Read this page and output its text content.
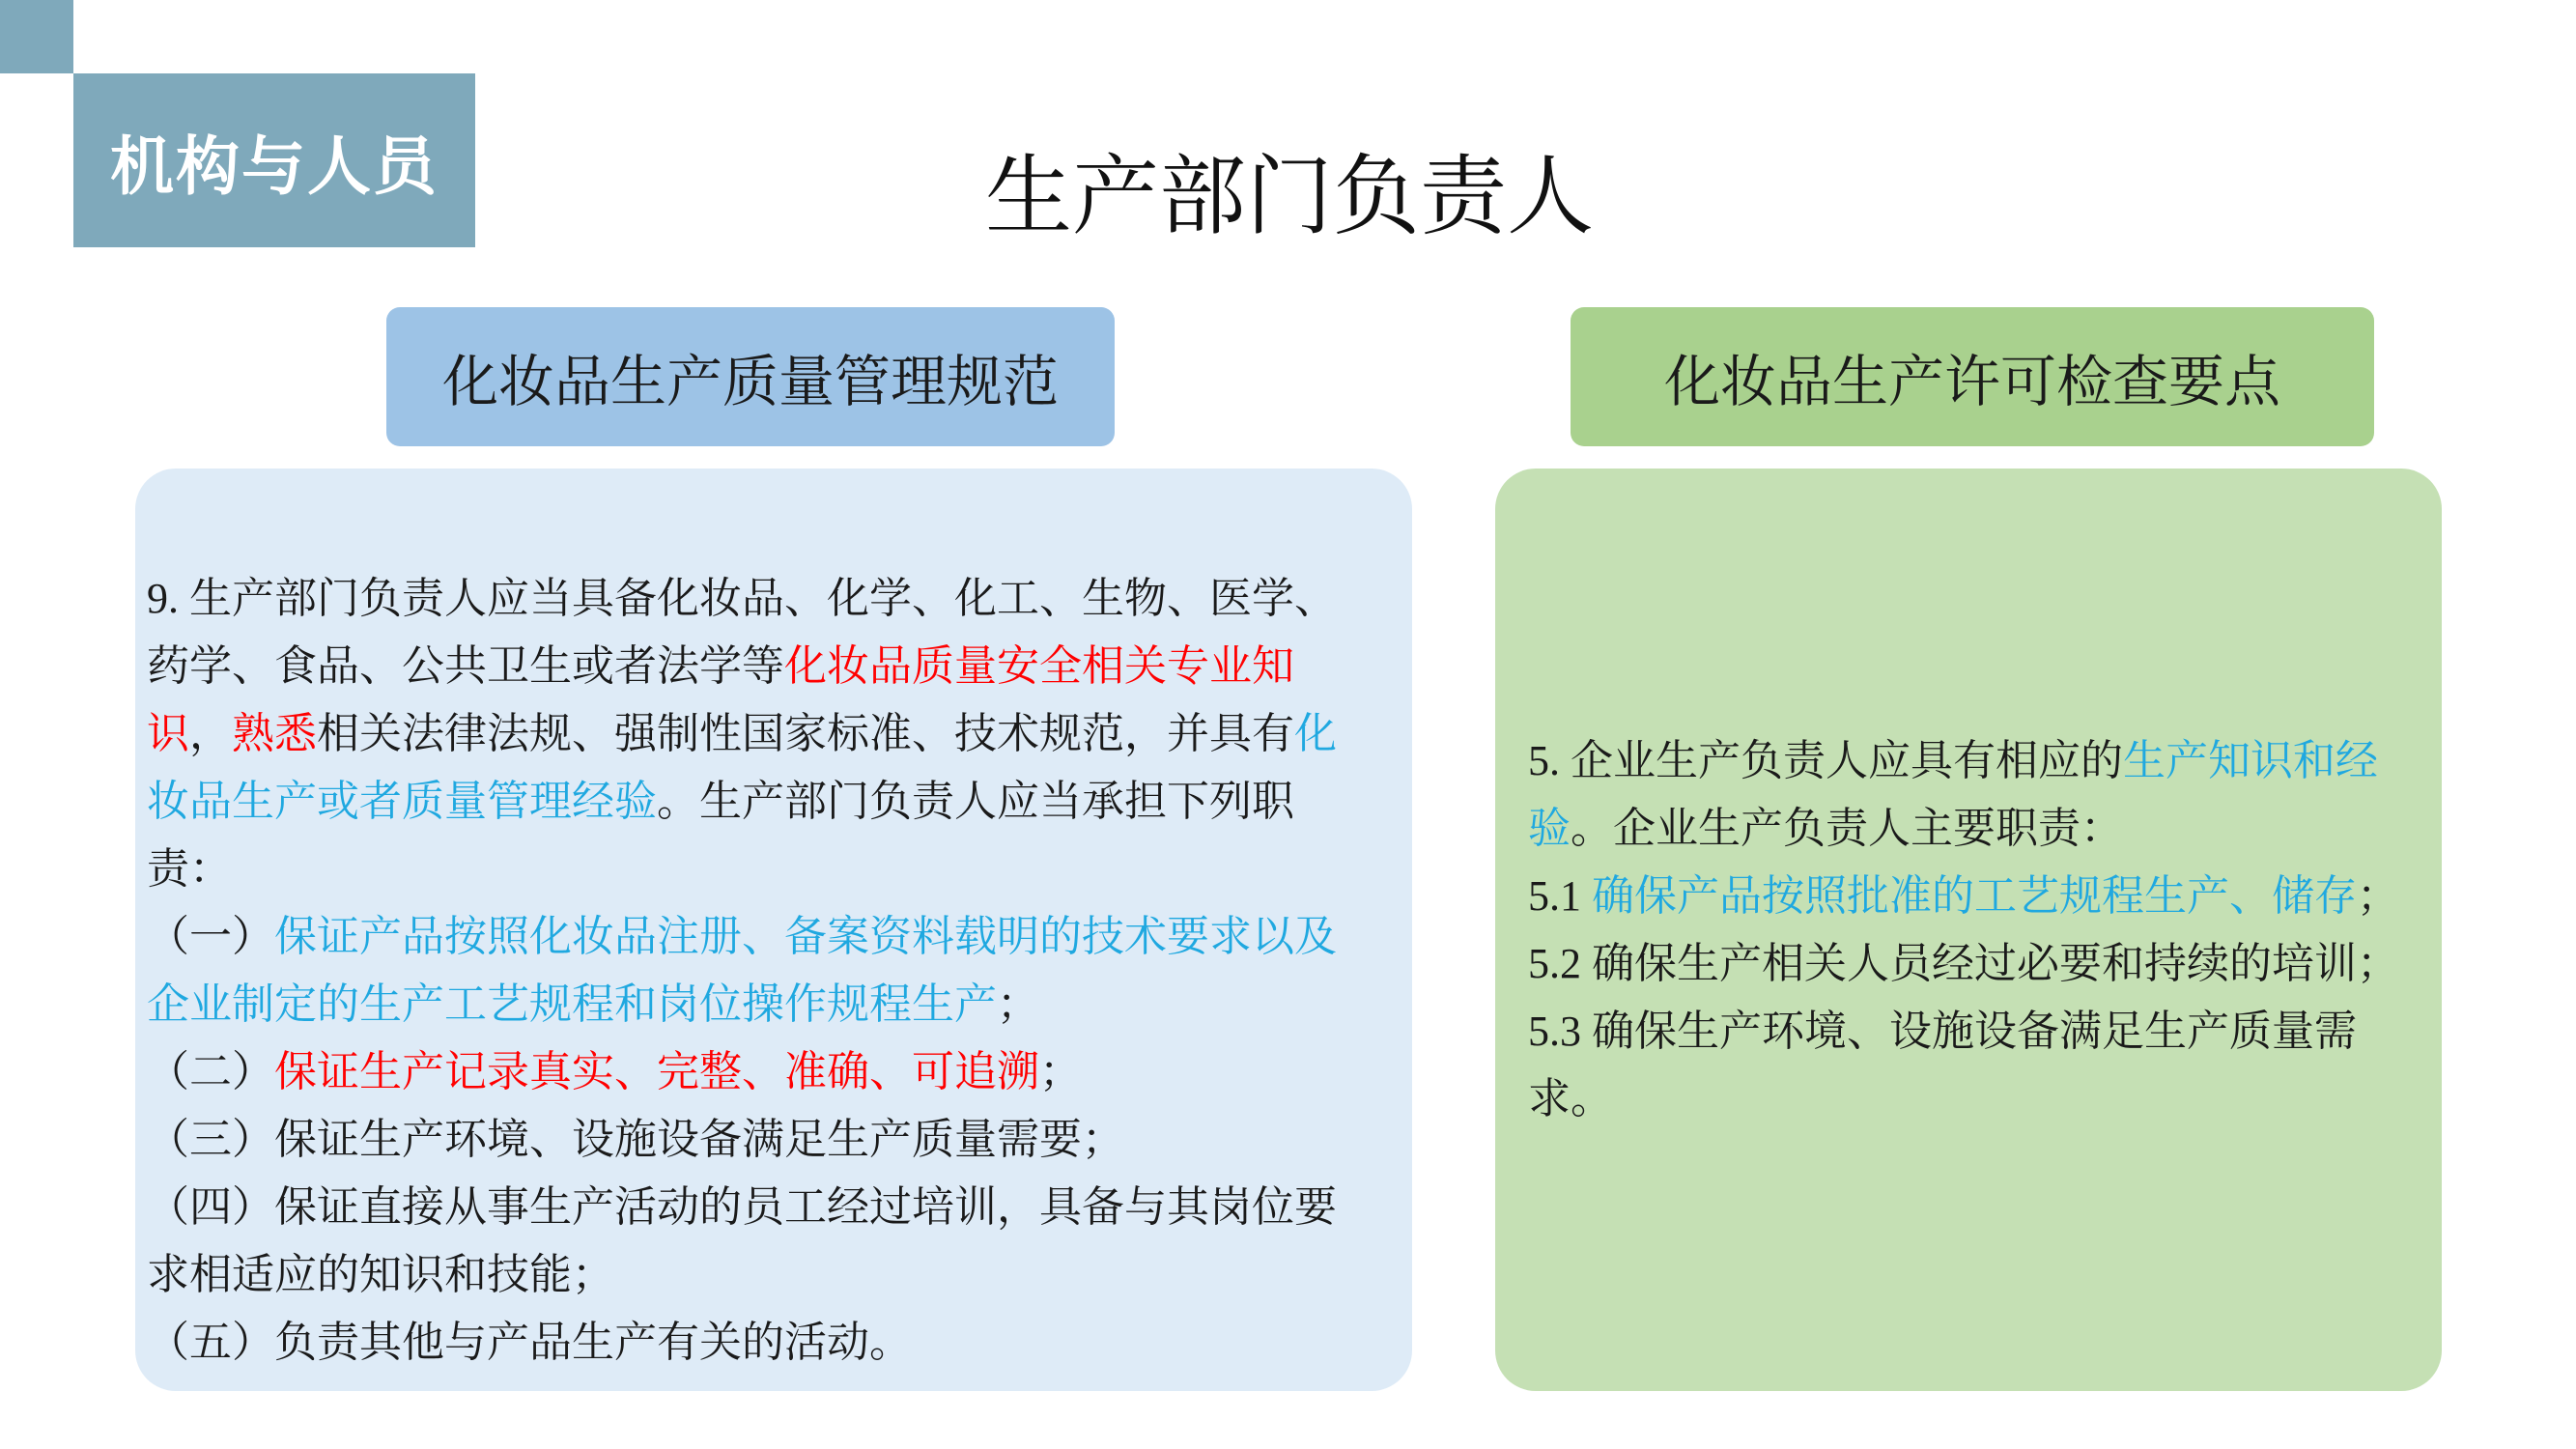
机构与人员	生产部门负责人
化妆品生产质量管理规范	化妆品生产许可检查要点

9. 生产部门负责人应当具备化妆品、化学、化工、生物、医学、药学、食品、公共卫生或者法学等化妆品质量安全相关专业知识，熟悉相关法律法规、强制性国家标准、技术规范，并具有化妆品生产或者质量管理经验。生产部门负责人应当承担下列职责：

（一）保证产品按照化妆品注册、备案资料载明的技术要求以及企业制定的生产工艺规程和岗位操作规程生产；

（二）保证生产记录真实、完整、准确、可追溯；

（三）保证生产环境、设施设备满足生产质量需要；

（四）保证直接从事生产活动的员工经过培训，具备与其岗位要求相适应的知识和技能；

（五）负责其他与产品生产有关的活动。

5. 企业生产负责人应具有相应的生产知识和经验。企业生产负责人主要职责：

5.1 确保产品按照批准的工艺规程生产、储存；

5.2 确保生产相关人员经过必要和持续的培训；

5.3 确保生产环境、设施设备满足生产质量需求。
